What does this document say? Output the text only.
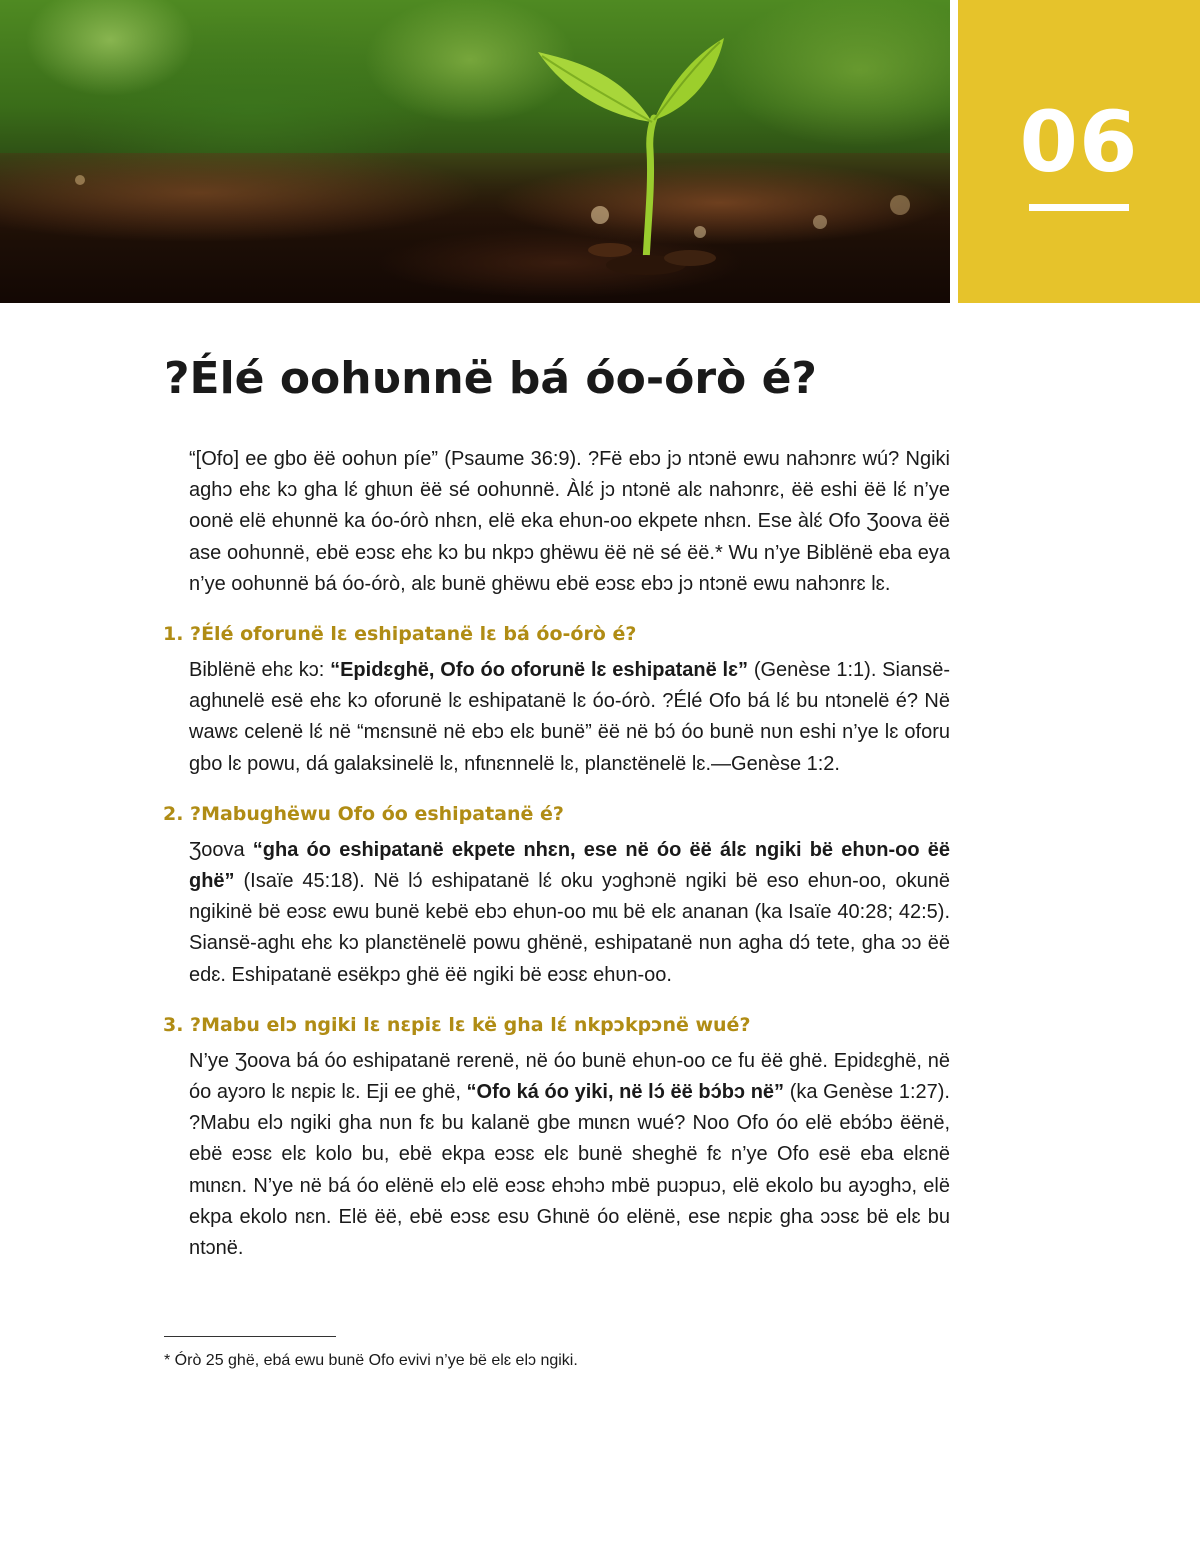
06
?Élé oohʋnnë bá óo-órò é?

“[Ofo] ee gbo ëë oohʋn píe” (Psaume 36:9). ?Fë ebɔ jɔ ntɔnë ewu nahɔnrɛ wú? Ngiki aghɔ ehɛ kɔ gha lɛ́ ghɩʋn ëë sé oohʋnnë. Àlɛ́ jɔ ntɔnë alɛ nahɔnrɛ, ëë eshi ëë lɛ́ n’ye oonë elë ehʋnnë ka óo-órò nhɛn, elë eka ehʋn-oo ekpete nhɛn. Ese àlɛ́ Ofo Ʒoova ëë ase oohʋnnë, ebë eɔsɛ ehɛ kɔ bu nkpɔ ghëwu ëë në sé ëë.* Wu n’ye Biblënë eba eya n’ye oohʋnnë bá óo-órò, alɛ bunë ghëwu ebë eɔsɛ ebɔ jɔ ntɔnë ewu nahɔnrɛ lɛ.

1. ?Élé oforunë lɛ eshipatanë lɛ bá óo-órò é?

Biblënë ehɛ kɔ: “Epidɛghë, Ofo óo oforunë lɛ eshipatanë lɛ” (Genèse 1:1). Siansë-aghɩnelë esë ehɛ kɔ oforunë lɛ eshipatanë lɛ óo-órò. ?Élé Ofo bá lɛ́ bu ntɔnelë é? Në wawɛ celenë lɛ́ në “mɛnsɩnë në ebɔ elɛ bunë” ëë në bɔ́ óo bunë nʋn eshi n’ye lɛ oforu gbo lɛ powu, dá galaksinelë lɛ, nfɩnɛnnelë lɛ, planɛtënelë lɛ.—Genèse 1:2.

2. ?Mabughëwu Ofo óo eshipatanë é?

Ʒoova “gha óo eshipatanë ekpete nhɛn, ese në óo ëë álɛ ngiki bë ehʋn-oo ëë ghë” (Isaïe 45:18). Në lɔ́ eshipatanë lɛ́ oku yɔghɔnë ngiki bë eso ehʋn-oo, okunë ngikinë bë eɔsɛ ewu bunë kebë ebɔ ehʋn-oo mɩɩ bë elɛ ananan (ka Isaïe 40:28; 42:5). Siansë-aghɩ ehɛ kɔ planɛtënelë powu ghënë, eshipatanë nʋn agha dɔ́ tete, gha ɔɔ ëë edɛ. Eshipatanë esëkpɔ ghë ëë ngiki bë eɔsɛ ehʋn-oo.

3. ?Mabu elɔ ngiki lɛ nɛpiɛ lɛ kë gha lɛ́ nkpɔkpɔnë wué?

N’ye Ʒoova bá óo eshipatanë rerenë, në óo bunë ehʋn-oo ce fu ëë ghë. Epidɛghë, në óo ayɔro lɛ nɛpiɛ lɛ. Eji ee ghë, “Ofo ká óo yiki, në lɔ́ ëë bɔ́bɔ në” (ka Genèse 1:27). ?Mabu elɔ ngiki gha nʋn fɛ bu kalanë gbe mɩnɛn wué? Noo Ofo óo elë ebɔ́bɔ ëënë, ebë eɔsɛ elɛ kolo bu, ebë ekpa eɔsɛ elɛ bunë sheghë fɛ n’ye Ofo esë eba elɛnë mɩnɛn. N’ye në bá óo elënë elɔ elë eɔsɛ ehɔhɔ mbë puɔpuɔ, elë ekolo bu ayɔghɔ, elë ekpa ekolo nɛn. Elë ëë, ebë eɔsɛ esʋ Ghɩnë óo elënë, ese nɛpiɛ gha ɔɔsɛ bë elɛ bu ntɔnë.

* Órò 25 ghë, ebá ewu bunë Ofo evivi n’ye bë elɛ elɔ ngiki.
